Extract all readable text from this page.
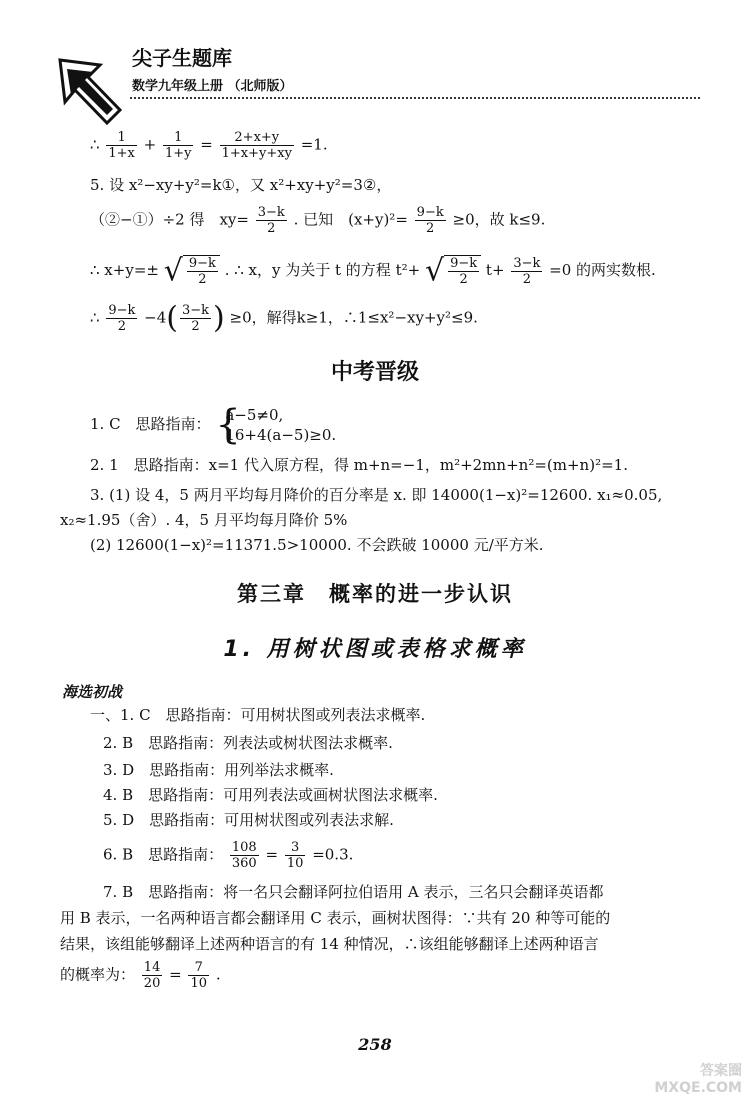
尖子生题库
数学九年级上册 （北师版）
∴ $\frac{1}{1+x} + \frac{1}{1+y} = \frac{2+x+y}{1+x+y+xy} =1$.
5. 设 x²−xy+y²=k①，又 x²+xy+y²=3②，
（②−①）÷2 得　$xy= \frac{3-k}{2}$ . 已知　$(x+y)^2= \frac{9-k}{2} \ge 0$，故 k≤9.
∴ x+y=± √ $\frac{9-k}{2}$ . ∴ x，y 为关于 t 的方程 t²+ √ $\frac{9-k}{2} t+ \frac{3-k}{2} =0$ 的两实数根.
∴ $\frac{9-k}{2} -4( \frac{3-k}{2}$ ) ≥0，解得k≥1，∴1≤x²−xy+y²≤9.
中考晋级
1. C　思路指南： {
a−5≠0,
16+4(a−5)≥0.
2. 1　思路指南：x=1 代入原方程，得 m+n=−1，m²+2mn+n²=(m+n)²=1.
3. (1) 设 4，5 两月平均每月降价的百分率是 x. 即 14000(1−x)²=12600. x₁≈0.05,
x₂≈1.95（舍）. 4，5 月平均每月降价 5%
(2) 12600(1−x)²=11371.5>10000. 不会跌破 10000 元/平方米.
第三章　概率的进一步认识
1. 用树状图或表格求概率
海选初战
一、1. C　思路指南：可用树状图或列表法求概率.
2. B　思路指南：列表法或树状图法求概率.
3. D　思路指南：用列举法求概率.
4. B　思路指南：可用列表法或画树状图法求概率.
5. D　思路指南：可用树状图或列表法求解.
6. B　思路指南： $\frac{108}{360} = \frac{3}{10} =0.3$.
7. B　思路指南：将一名只会翻译阿拉伯语用 A 表示，三名只会翻译英语都
用 B 表示，一名两种语言都会翻译用 C 表示，画树状图得：∵共有 20 种等可能的
结果，该组能够翻译上述两种语言的有 14 种情况，∴该组能够翻译上述两种语言
的概率为： $\frac{14}{20} = \frac{7}{10}$ .
258
答案圈 MXQE.COM
